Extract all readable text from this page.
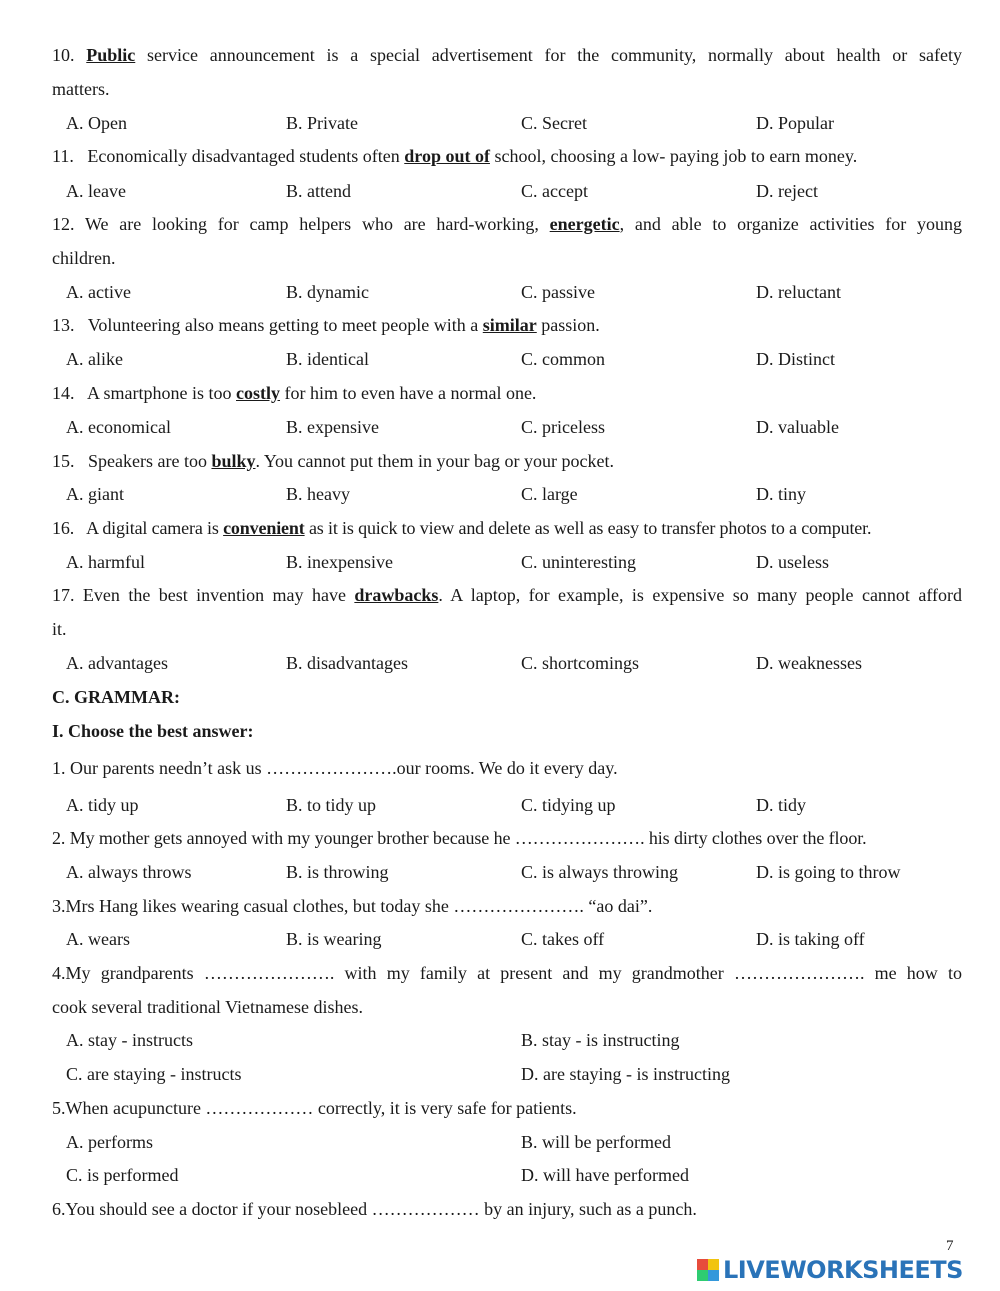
10. Public service announcement is a special advertisement for the community, normally about health or safety
matters.
A. Open	B. Private	C. Secret	D. Popular
11. Economically disadvantaged students often drop out of school, choosing a low- paying job to earn money.
A. leave	B. attend	C. accept	D. reject
12. We are looking for camp helpers who are hard-working, energetic, and able to organize activities for young
children.
A. active	B. dynamic	C. passive	D. reluctant
13. Volunteering also means getting to meet people with a similar passion.
A. alike	B. identical	C. common	D. Distinct
14. A smartphone is too costly for him to even have a normal one.
A. economical	B. expensive	C. priceless	D. valuable
15. Speakers are too bulky. You cannot put them in your bag or your pocket.
A. giant	B. heavy	C. large	D. tiny
16. A digital camera is convenient as it is quick to view and delete as well as easy to transfer photos to a computer.
A. harmful	B. inexpensive	C. uninteresting	D. useless
17. Even the best invention may have drawbacks. A laptop, for example, is expensive so many people cannot afford
it.
A. advantages	B. disadvantages	C. shortcomings	D. weaknesses
C. GRAMMAR:
I. Choose the best answer:
1. Our parents needn’t ask us ………………….our rooms. We do it every day.
A. tidy up	B. to tidy up	C. tidying up	D. tidy
2. My mother gets annoyed with my younger brother because he …………………. his dirty clothes over the floor.
A. always throws	B. is throwing	C. is always throwing	D. is going to throw
3.Mrs Hang likes wearing casual clothes, but today she …………………. “ao dai”.
A. wears	B. is wearing	C. takes off	D. is taking off
4.My grandparents …………………. with my family at present and my grandmother …………………. me how to
cook several traditional Vietnamese dishes.
A. stay - instructs	B. stay - is instructing
C. are staying - instructs	D. are staying - is instructing
5.When acupuncture ……………… correctly, it is very safe for patients.
A. performs	B. will be performed
C. is performed	D. will have performed
6.You should see a doctor if your nosebleed ……………… by an injury, such as a punch.
7
LIVEWORKSHEETS
